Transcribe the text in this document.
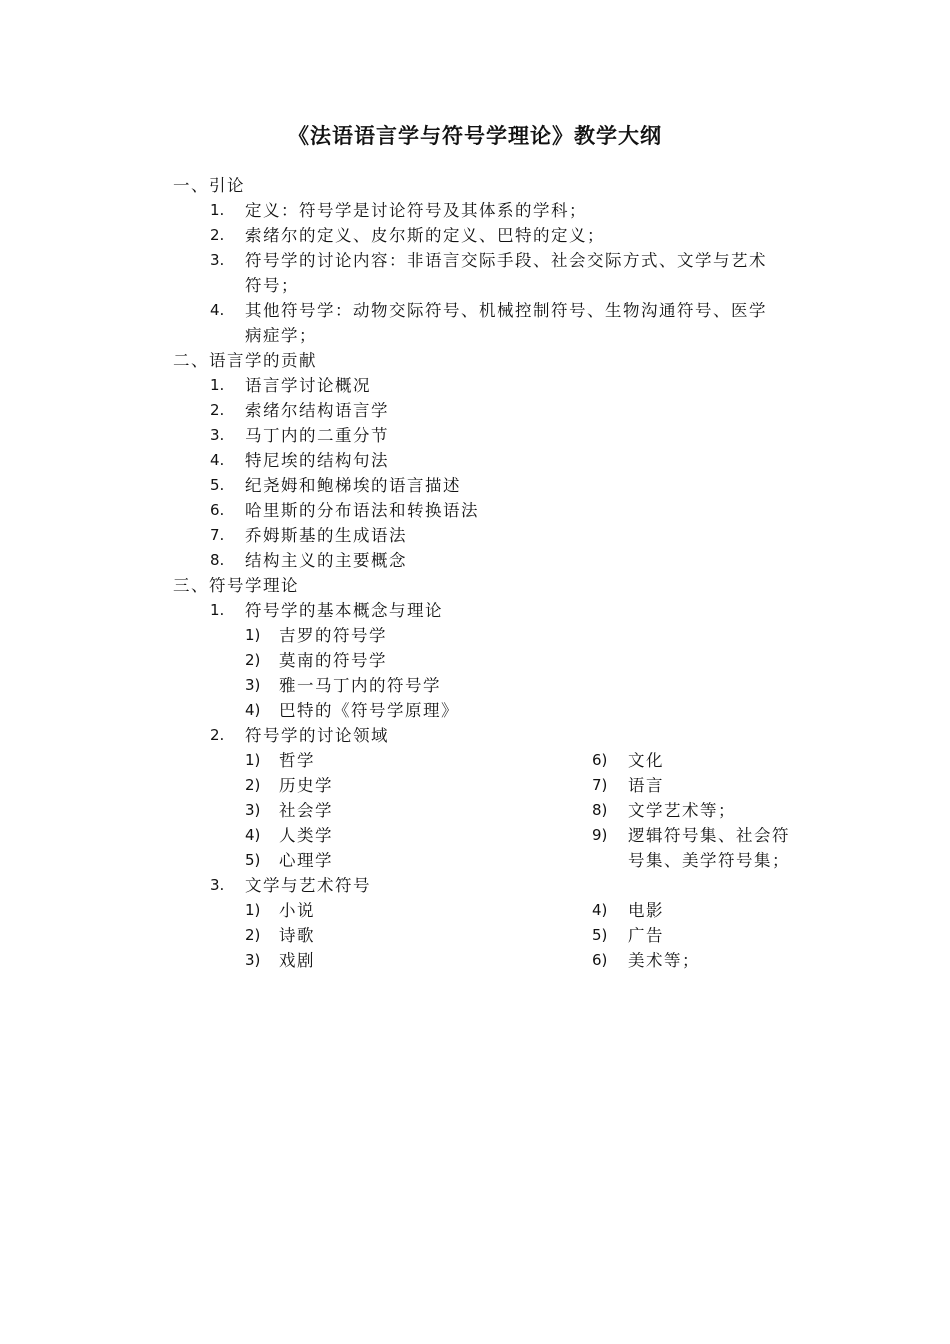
《法语语言学与符号学理论》教学大纲
一、引论
1. 定义：符号学是讨论符号及其体系的学科；
2. 索绪尔的定义、皮尔斯的定义、巴特的定义；
3. 符号学的讨论内容：非语言交际手段、社会交际方式、文学与艺术
符号；
4. 其他符号学：动物交际符号、机械控制符号、生物沟通符号、医学
病症学；
二、语言学的贡献
1. 语言学讨论概况
2. 索绪尔结构语言学
3. 马丁内的二重分节
4. 特尼埃的结构句法
5. 纪尧姆和鲍梯埃的语言描述
6. 哈里斯的分布语法和转换语法
7. 乔姆斯基的生成语法
8. 结构主义的主要概念
三、符号学理论
1. 符号学的基本概念与理论
1) 吉罗的符号学
2) 莫南的符号学
3) 雅一马丁内的符号学
4) 巴特的《符号学原理》
2. 符号学的讨论领域
1) 哲学
2) 历史学
3) 社会学
4) 人类学
5) 心理学
6) 文化
7) 语言
8) 文学艺术等；
9) 逻辑符号集、社会符
号集、美学符号集；
3. 文学与艺术符号
1) 小说
2) 诗歌
3) 戏剧
4) 电影
5) 广告
6) 美术等；
